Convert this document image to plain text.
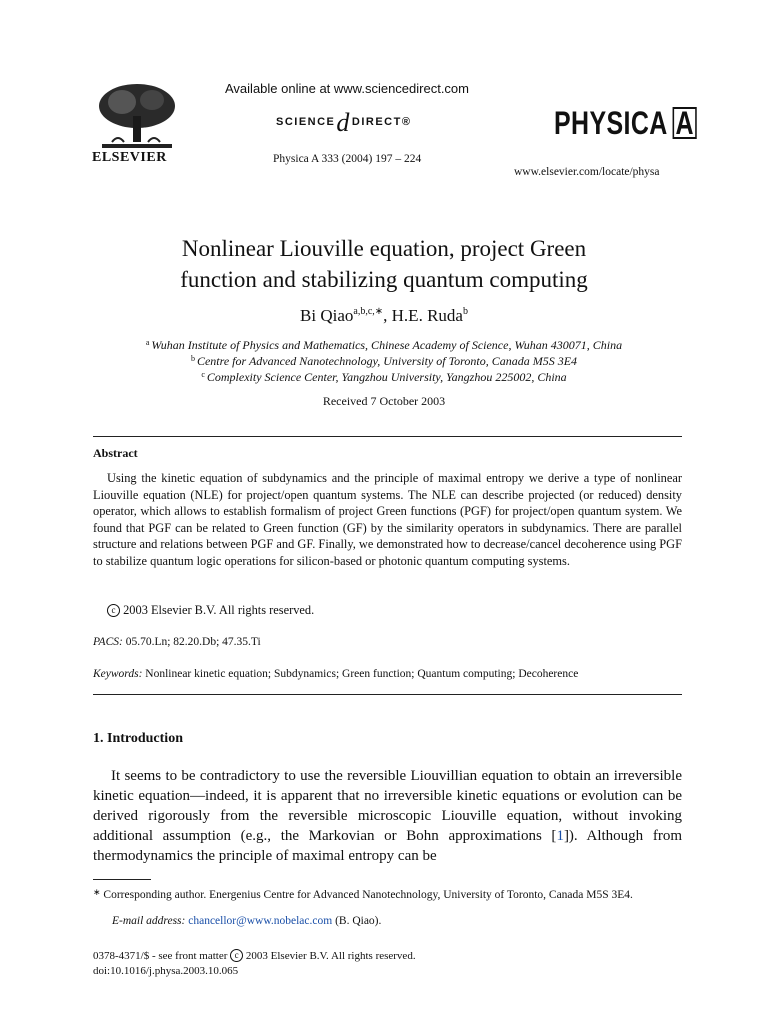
ELSEVIER
Available online at www.sciencedirect.com
SCIENCEdDIRECT®
Physica A 333 (2004) 197 – 224
PHYSICA A
www.elsevier.com/locate/physa
Nonlinear Liouville equation, project Green
function and stabilizing quantum computing
Bi Qiao$^{a,b,c,∗}$, H.E. Ruda$^b$
$^a$ Wuhan Institute of Physics and Mathematics, Chinese Academy of Science, Wuhan 430071, China
$^b$ Centre for Advanced Nanotechnology, University of Toronto, Canada M5S 3E4
$^c$ Complexity Science Center, Yangzhou University, Yangzhou 225002, China
Received 7 October 2003
Abstract
Using the kinetic equation of subdynamics and the principle of maximal entropy we derive a type of nonlinear Liouville equation (NLE) for project/open quantum systems. The NLE can describe projected (or reduced) density operator, which allows to establish formalism of project Green functions (PGF) for project/open quantum system. We found that PGF can be related to Green function (GF) by the similarity operators in subdynamics. There are parallel structure and relations between PGF and GF. Finally, we demonstrated how to decrease/cancel decoherence using PGF to stabilize quantum logic operations for silicon-based or photonic quantum computing systems.
c 2003 Elsevier B.V. All rights reserved.
PACS: 05.70.Ln; 82.20.Db; 47.35.Ti
Keywords: Nonlinear kinetic equation; Subdynamics; Green function; Quantum computing; Decoherence
1. Introduction
It seems to be contradictory to use the reversible Liouvillian equation to obtain an irreversible kinetic equation—indeed, it is apparent that no irreversible kinetic equations or evolution can be derived rigorously from the reversible microscopic Liouville equation, without invoking additional assumption (e.g., the Markovian or Bohn approximations [1]). Although from thermodynamics the principle of maximal entropy can be
∗ Corresponding author. Energenius Centre for Advanced Nanotechnology, University of Toronto, Canada M5S 3E4.
E-mail address: chancellor@www.nobelac.com (B. Qiao).
0378-4371/$ - see front matter c 2003 Elsevier B.V. All rights reserved.
doi:10.1016/j.physa.2003.10.065
